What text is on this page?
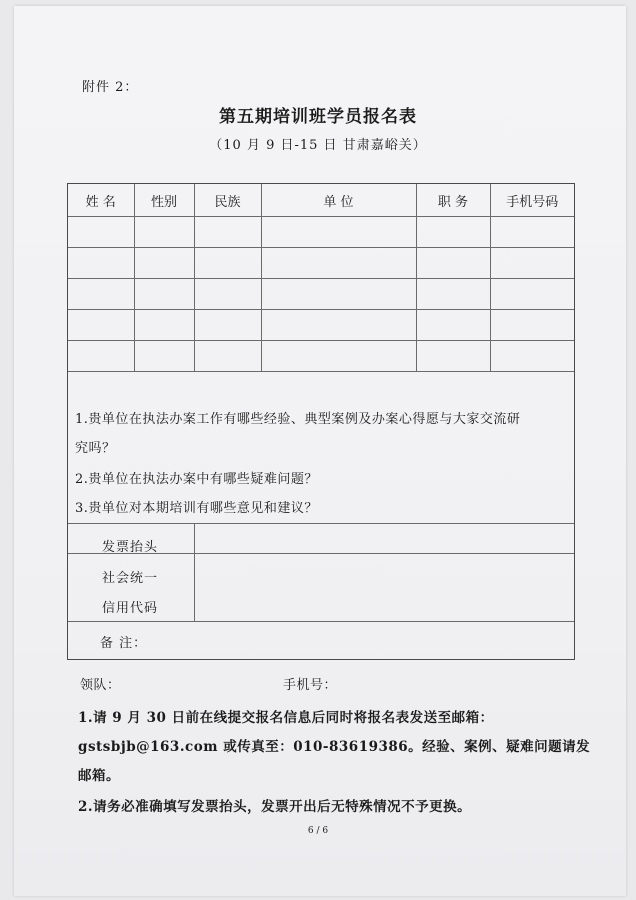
附件 2：
第五期培训班学员报名表
（10 月 9 日-15 日 甘肃嘉峪关）
姓 名	性别	民族	单 位	职 务	手机号码

1.贵单位在执法办案工作有哪些经验、典型案例及办案心得愿与大家交流研
究吗？
2.贵单位在执法办案中有哪些疑难问题？
3.贵单位对本期培训有哪些意见和建议？
发票抬头
社会统一
信用代码
备 注：
领队：	手机号：
1.请 9 月 30 日前在线提交报名信息后同时将报名表发送至邮箱：
gstsbjb@163.com 或传真至：010-83619386。经验、案例、疑难问题请发
邮箱。
2.请务必准确填写发票抬头，发票开出后无特殊情况不予更换。
6 / 6
